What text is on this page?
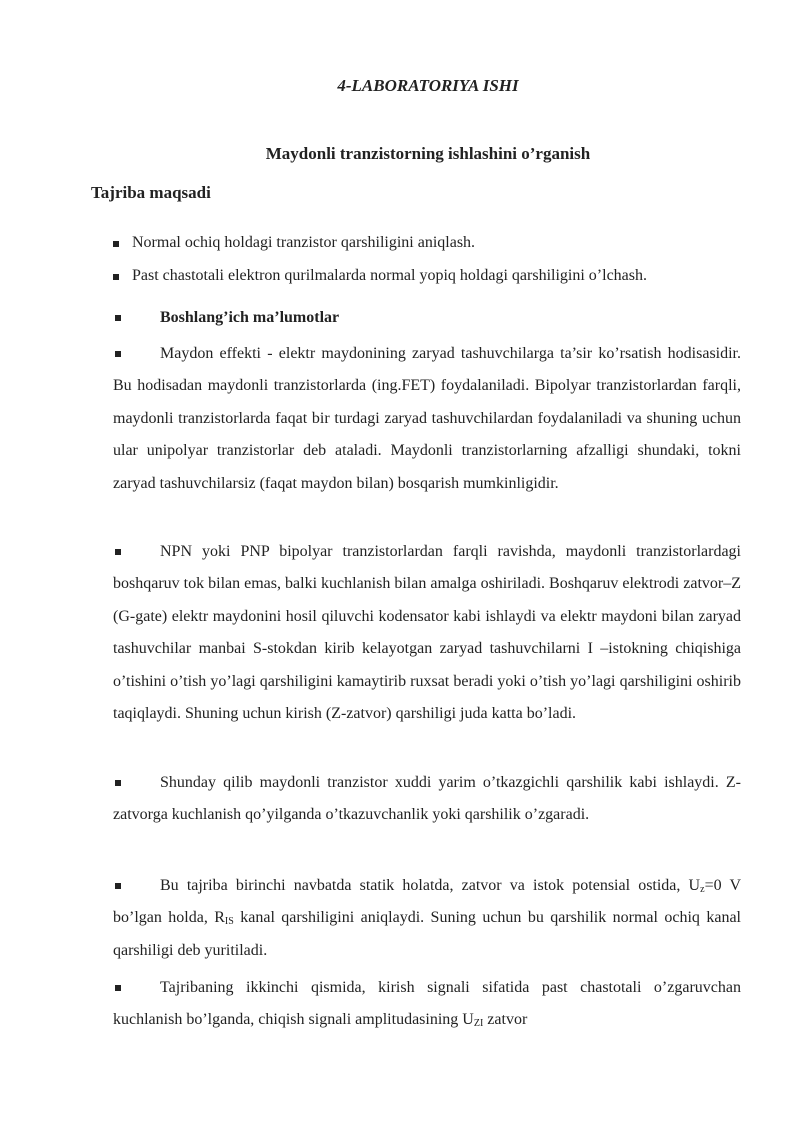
4-LABORATORIYA ISHI
Maydonli tranzistorning ishlashini o’rganish
Tajriba maqsadi
Normal ochiq holdagi tranzistor qarshiligini aniqlash.
Past chastotali elektron qurilmalarda normal yopiq holdagi qarshiligini o’lchash.

Boshlang’ich ma’lumotlar

Maydon effekti - elektr maydonining zaryad tashuvchilarga ta’sir ko’rsatish hodisasidir. Bu hodisadan maydonli tranzistorlarda (ing.FET) foydalaniladi. Bipolyar tranzistorlardan farqli, maydonli tranzistorlarda faqat bir turdagi zaryad tashuvchilardan foydalaniladi va shuning uchun ular unipolyar tranzistorlar deb ataladi. Maydonli tranzistorlarning afzalligi shundaki, tokni zaryad tashuvchilarsiz (faqat maydon bilan) bosqarish mumkinligidir.

NPN yoki PNP bipolyar tranzistorlardan farqli ravishda, maydonli tranzistorlardagi boshqaruv tok bilan emas, balki kuchlanish bilan amalga oshiriladi. Boshqaruv elektrodi zatvor–Z (G-gate) elektr maydonini hosil qiluvchi kodensator kabi ishlaydi va elektr maydoni bilan zaryad tashuvchilar manbai S-stokdan kirib kelayotgan zaryad tashuvchilarni I –istokning chiqishiga o’tishini o’tish yo’lagi qarshiligini kamaytirib ruxsat beradi yoki o’tish yo’lagi qarshiligini oshirib taqiqlaydi. Shuning uchun kirish (Z-zatvor) qarshiligi juda katta bo’ladi.

Shunday qilib maydonli tranzistor xuddi yarim o’tkazgichli qarshilik kabi ishlaydi. Z-zatvorga kuchlanish qo’yilganda o’tkazuvchanlik yoki qarshilik o’zgaradi.

Bu tajriba birinchi navbatda statik holatda, zatvor va istok potensial ostida, $U_z=0$ V bo’lgan holda, $R_{IS}$ kanal qarshiligini aniqlaydi. Suning uchun bu qarshilik normal ochiq kanal qarshiligi deb yuritiladi.

Tajribaning ikkinchi qismida, kirish signali sifatida past chastotali o’zgaruvchan kuchlanish bo’lganda, chiqish signali amplitudasining $U_{ZI}$ zatvor
